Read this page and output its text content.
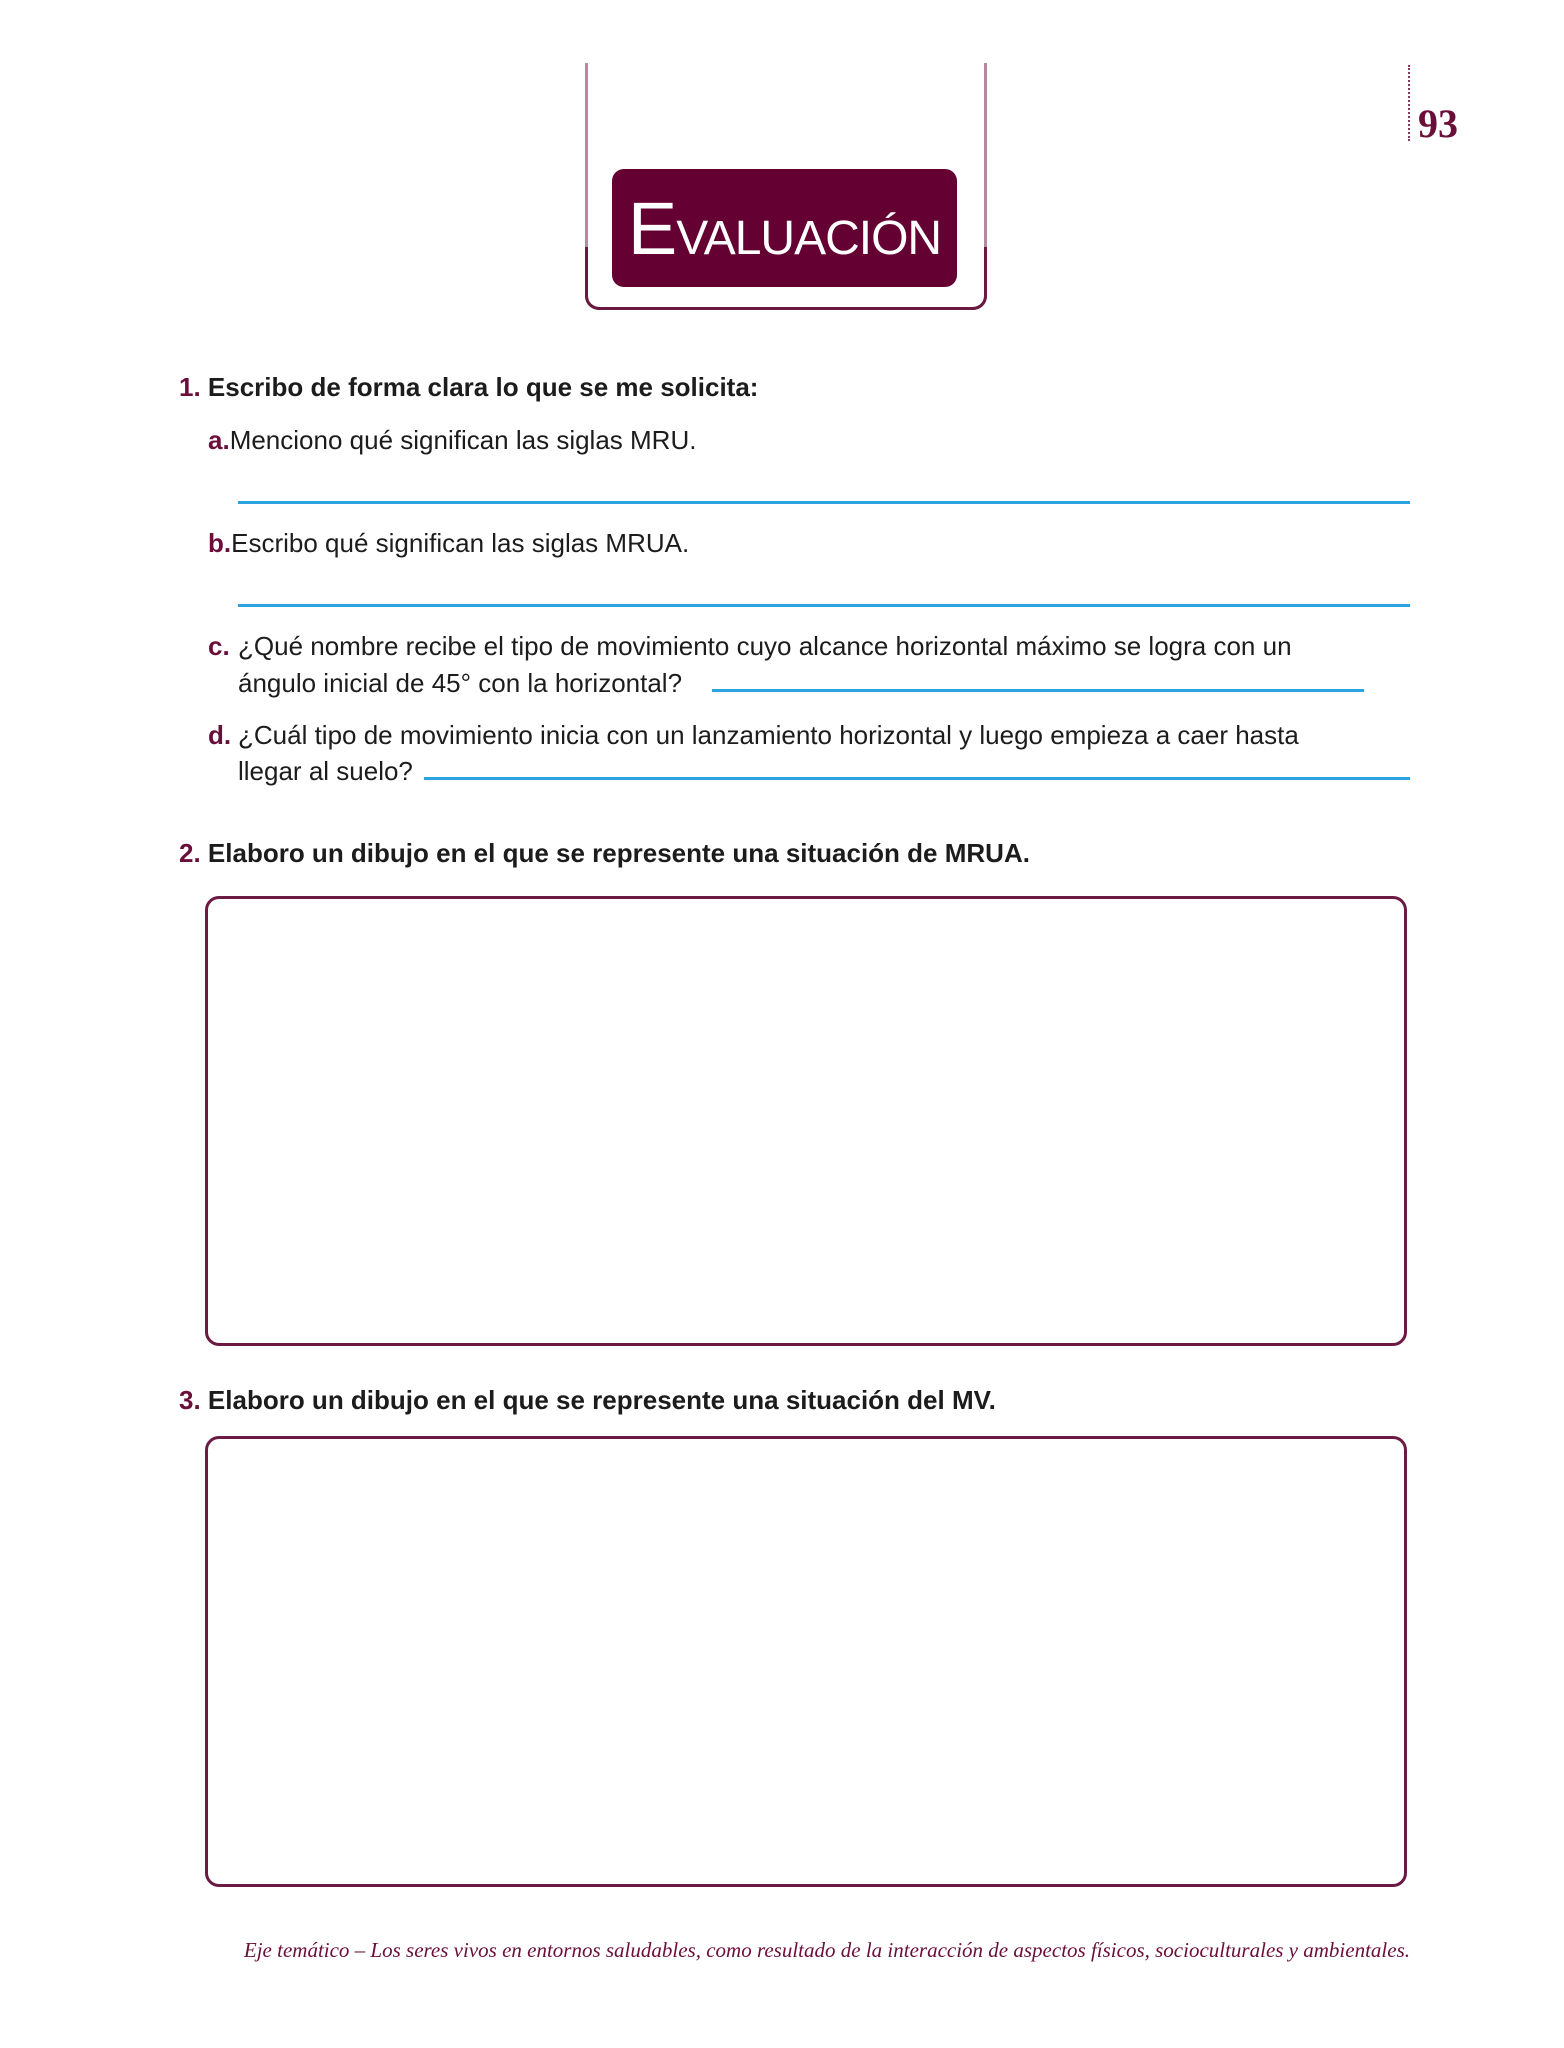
EVALUACIÓN
93
1. Escribo de forma clara lo que se me solicita:
a.Menciono qué significan las siglas MRU.
b.Escribo qué significan las siglas MRUA.
c. ¿Qué nombre recibe el tipo de movimiento cuyo alcance horizontal máximo se logra con un
ángulo inicial de 45° con la horizontal?
d. ¿Cuál tipo de movimiento inicia con un lanzamiento horizontal y luego empieza a caer hasta
llegar al suelo?
2. Elaboro un dibujo en el que se represente una situación de MRUA.
3. Elaboro un dibujo en el que se represente una situación del MV.
Eje temático – Los seres vivos en entornos saludables, como resultado de la interacción de aspectos físicos, socioculturales y ambientales.
